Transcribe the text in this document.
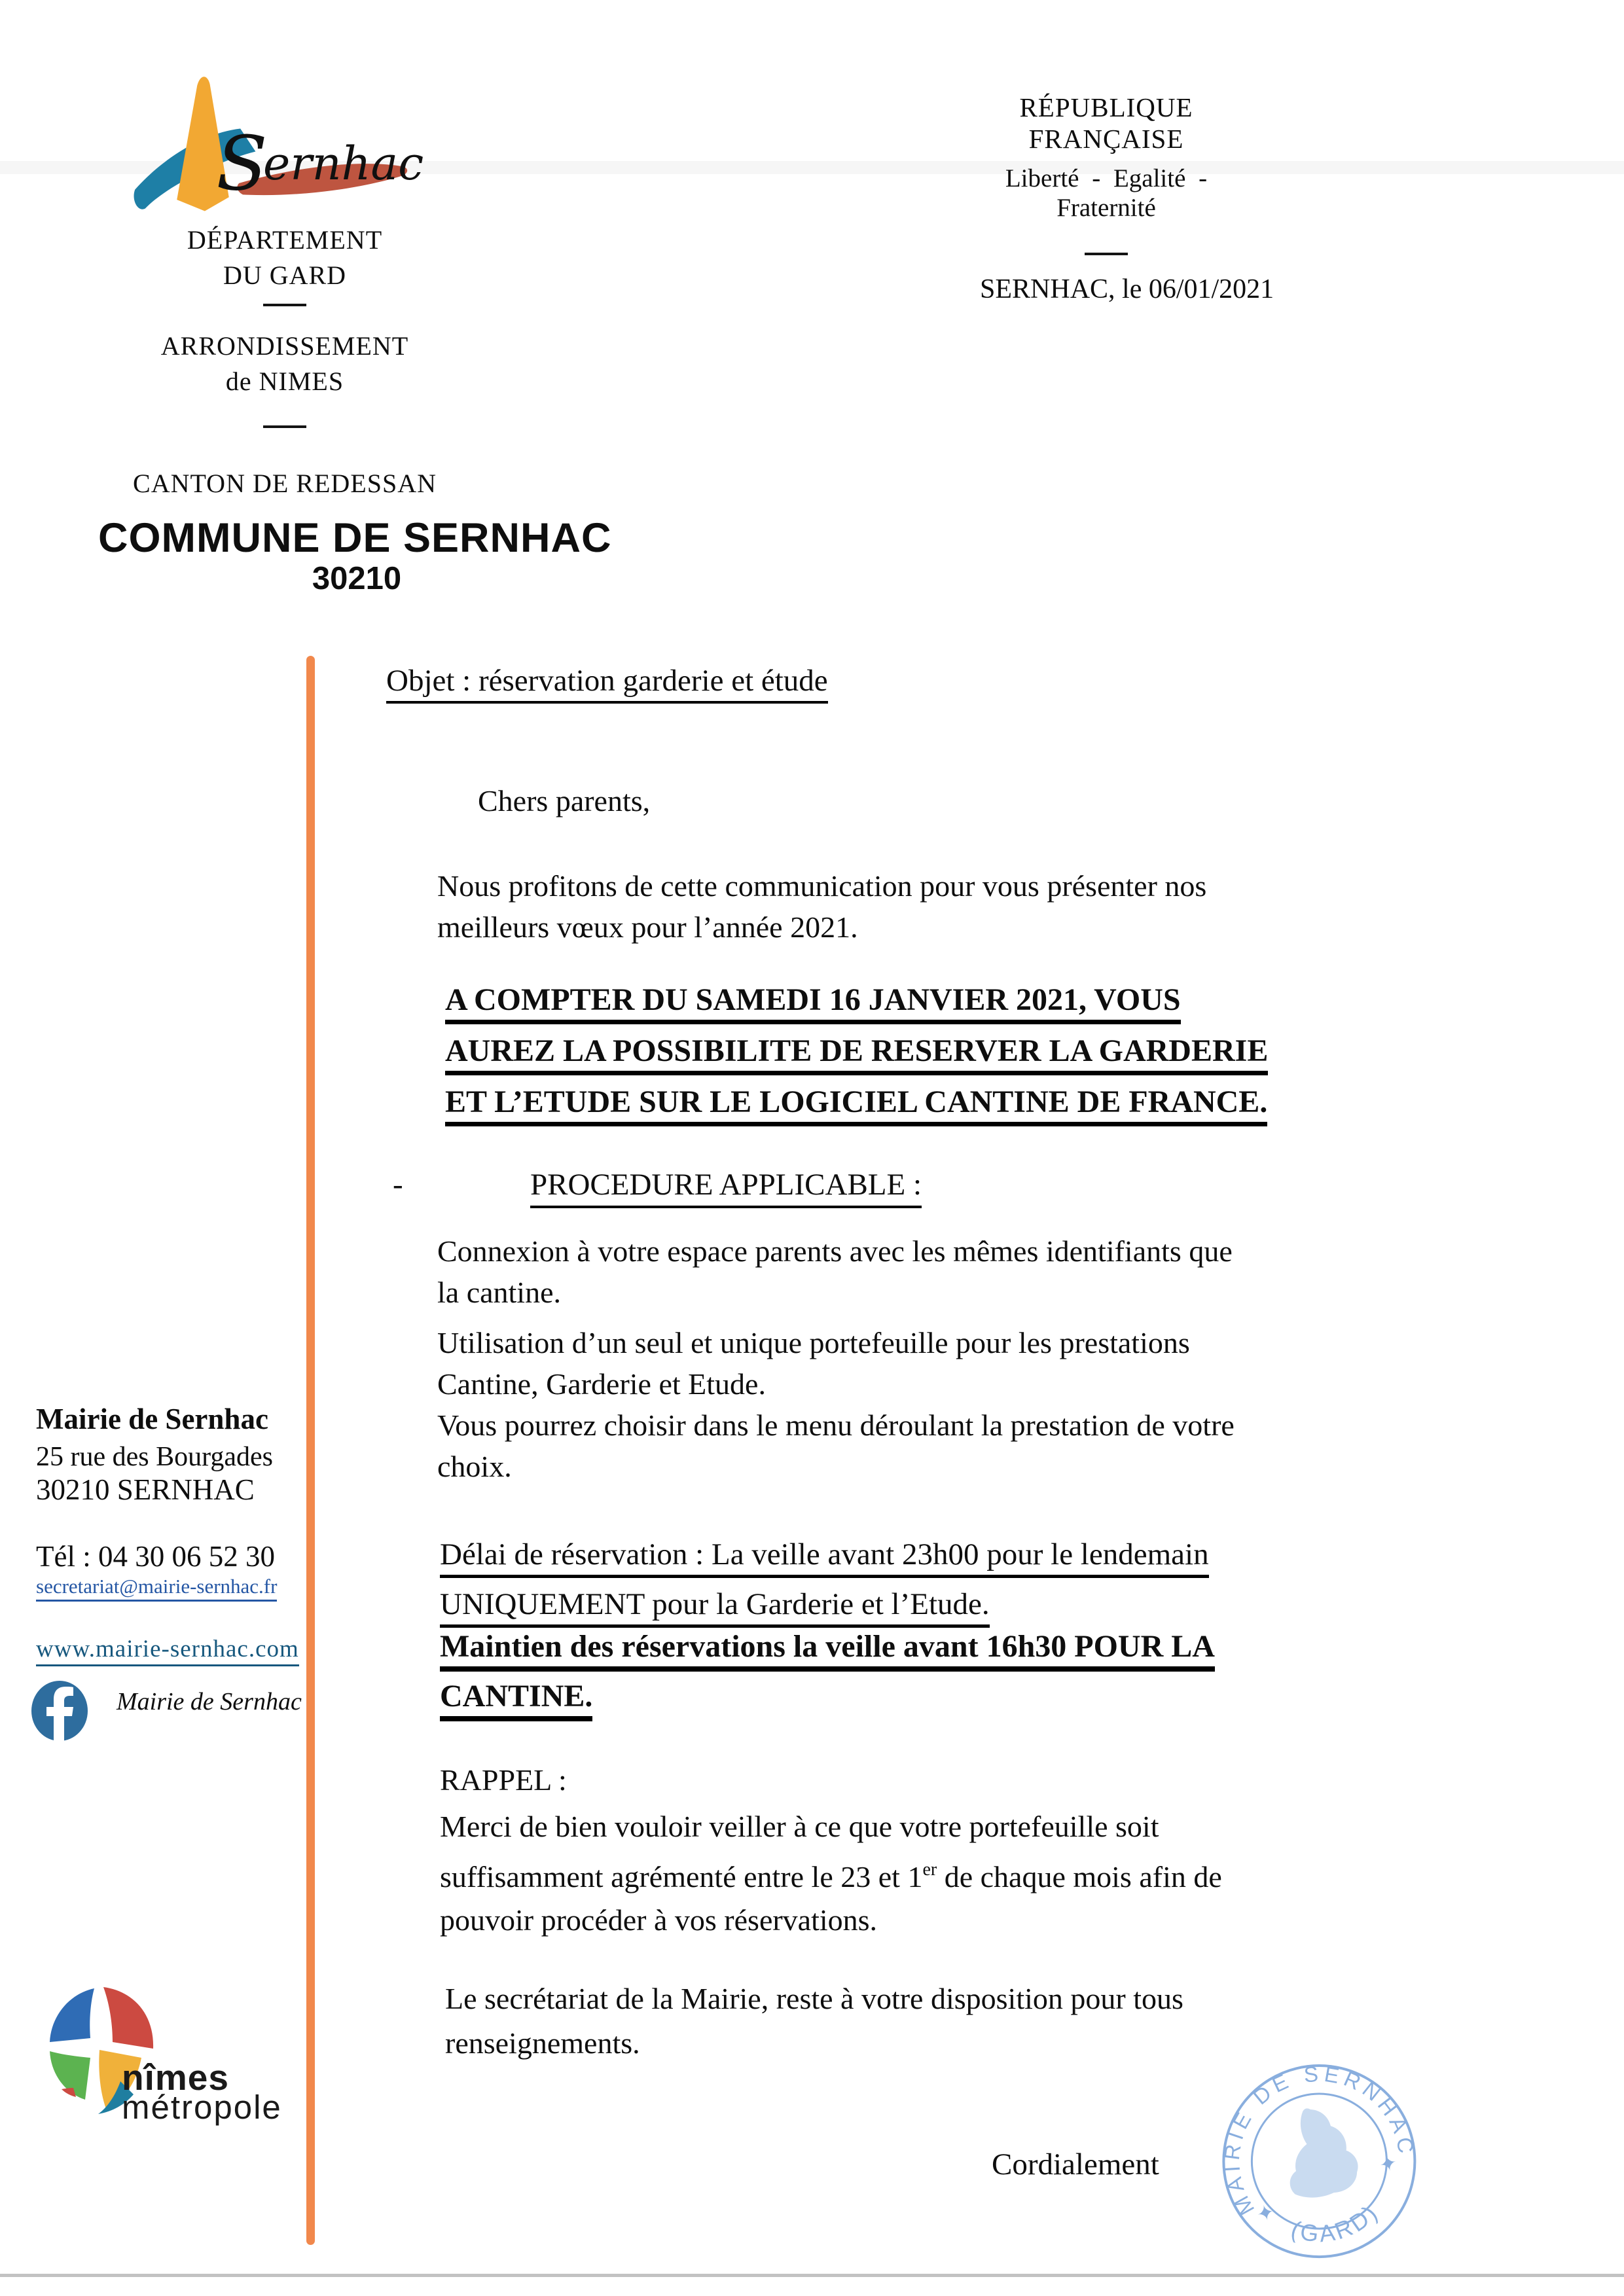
S
ernhac
DÉPARTEMENT
DU GARD
ARRONDISSEMENT
de NIMES
CANTON DE REDESSAN
COMMUNE DE SERNHAC
30210
RÉPUBLIQUE FRANÇAISE
Liberté - Egalité - Fraternité
SERNHAC, le 06/01/2021
Objet : réservation garderie et étude
Chers parents,
Nous profitons de cette communication pour vous présenter nos
meilleurs vœux pour l’année 2021.
A COMPTER DU SAMEDI 16 JANVIER 2021, VOUS
AUREZ LA POSSIBILITE DE RESERVER LA GARDERIE
ET L’ETUDE SUR LE LOGICIEL CANTINE DE FRANCE.
-	PROCEDURE APPLICABLE :
Connexion à votre espace parents avec les mêmes identifiants que
la cantine.
Utilisation d’un seul et unique portefeuille pour les prestations
Cantine, Garderie et Etude.
Vous pourrez choisir dans le menu déroulant la prestation de votre
choix.
Délai de réservation : La veille avant 23h00 pour le lendemain
UNIQUEMENT pour la Garderie et l’Etude.
Maintien des réservations la veille avant 16h30 POUR LA
CANTINE.
RAPPEL :
Merci de bien vouloir veiller à ce que votre portefeuille soit
suffisamment agrémenté entre le 23 et 1er de chaque mois afin de
pouvoir procéder à vos réservations.
Le secrétariat de la Mairie, reste à votre disposition pour tous
renseignements.
Cordialement
Mairie de Sernhac
25 rue des Bourgades
30210 SERNHAC
Tél : 04 30 06 52 30
secretariat@mairie-sernhac.fr
www.mairie-sernhac.com
Mairie de Sernhac
nîmes
métropole
MAIRIE DE SERNHAC
(GARD)
✦
✦
